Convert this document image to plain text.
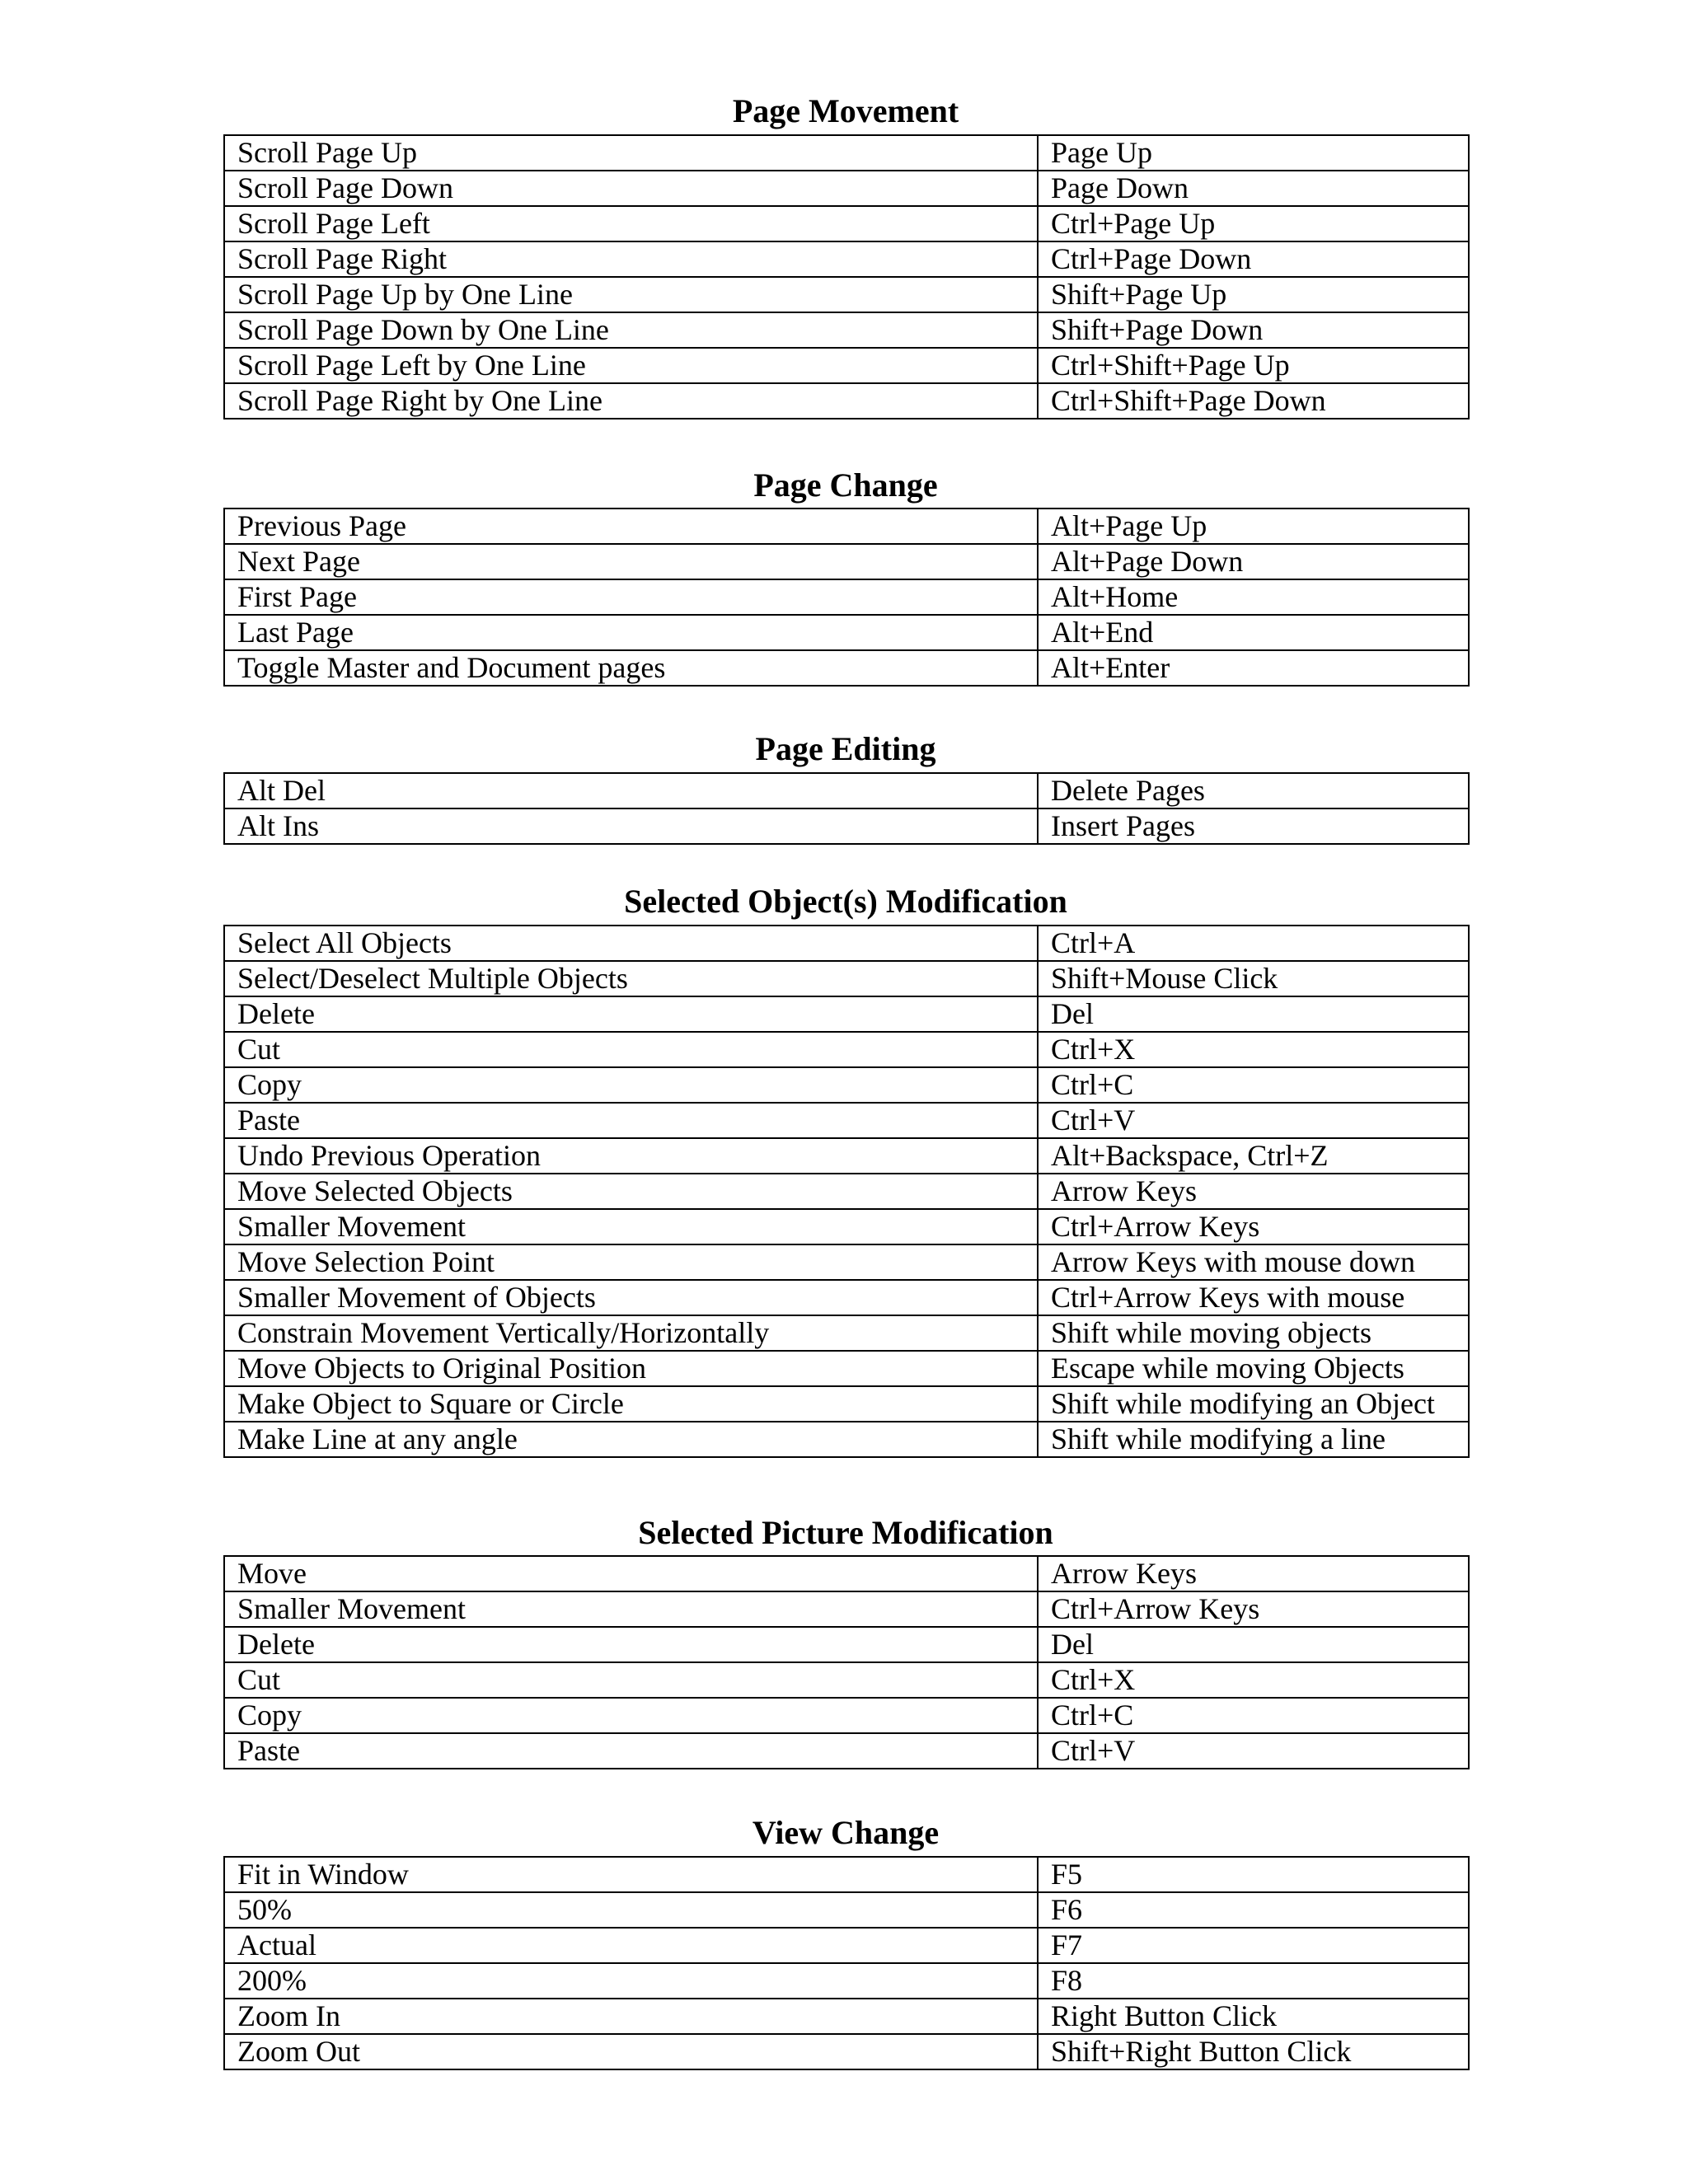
Page Movement
Scroll Page Up	Page Up
Scroll Page Down	Page Down
Scroll Page Left	Ctrl+Page Up
Scroll Page Right	Ctrl+Page Down
Scroll Page Up by One Line	Shift+Page Up
Scroll Page Down by One Line	Shift+Page Down
Scroll Page Left by One Line	Ctrl+Shift+Page Up
Scroll Page Right by One Line	Ctrl+Shift+Page Down
Page Change
Previous Page	Alt+Page Up
Next Page	Alt+Page Down
First Page	Alt+Home
Last Page	Alt+End
Toggle Master and Document pages	Alt+Enter
Page Editing
Alt Del	Delete Pages
Alt Ins	Insert Pages
Selected Object(s) Modification
Select All Objects	Ctrl+A
Select/Deselect Multiple Objects	Shift+Mouse Click
Delete	Del
Cut	Ctrl+X
Copy	Ctrl+C
Paste	Ctrl+V
Undo Previous Operation	Alt+Backspace, Ctrl+Z
Move Selected Objects	Arrow Keys
Smaller Movement	Ctrl+Arrow Keys
Move Selection Point	Arrow Keys with mouse down
Smaller Movement of Objects	Ctrl+Arrow Keys with mouse
Constrain Movement Vertically/Horizontally	Shift while moving objects
Move Objects to Original Position	Escape while moving Objects
Make Object to Square or Circle	Shift while modifying an Object
Make Line at any angle	Shift while modifying a line
Selected Picture Modification
Move	Arrow Keys
Smaller Movement	Ctrl+Arrow Keys
Delete	Del
Cut	Ctrl+X
Copy	Ctrl+C
Paste	Ctrl+V
View Change
Fit in Window	F5
50%	F6
Actual	F7
200%	F8
Zoom In	Right Button Click
Zoom Out	Shift+Right Button Click
